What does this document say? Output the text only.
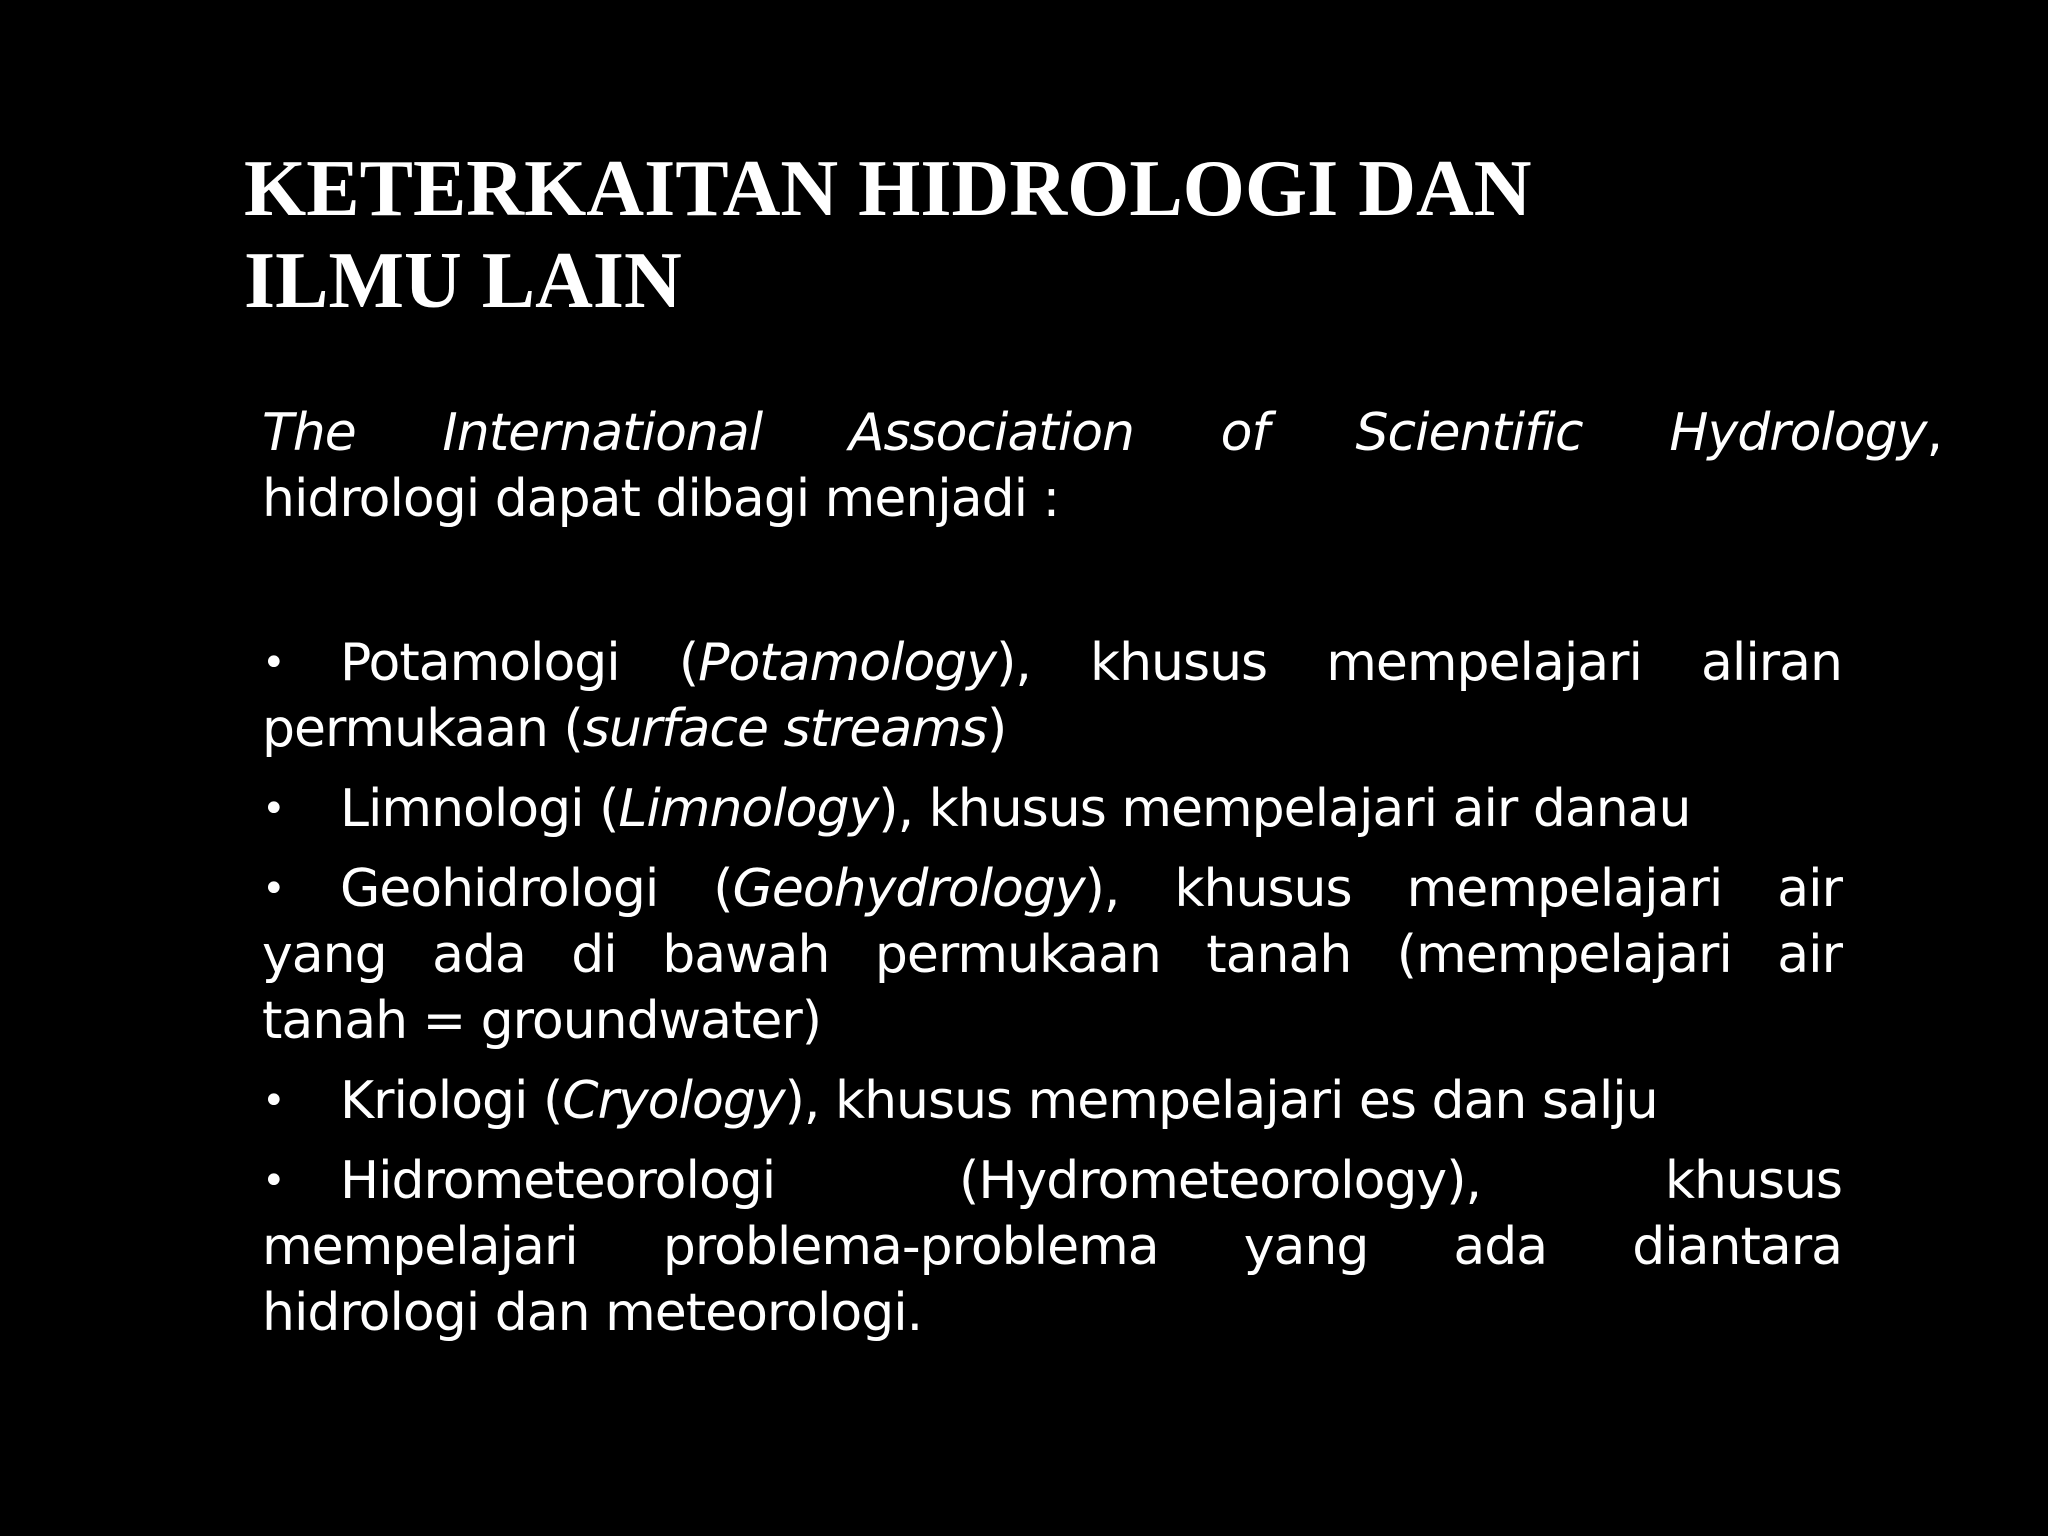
KETERKAITAN HIDROLOGI DAN
ILMU LAIN

The International Association of Scientific Hydrology,
hidrologi dapat dibagi menjadi :

• Potamologi (Potamology), khusus mempelajari aliran
permukaan (surface streams)
• Limnologi (Limnology), khusus mempelajari air danau
• Geohidrologi (Geohydrology), khusus mempelajari air
yang ada di bawah permukaan tanah (mempelajari air
tanah = groundwater)
• Kriologi (Cryology), khusus mempelajari es dan salju
• Hidrometeorologi (Hydrometeorology), khusus
mempelajari problema-problema yang ada diantara
hidrologi dan meteorologi.
